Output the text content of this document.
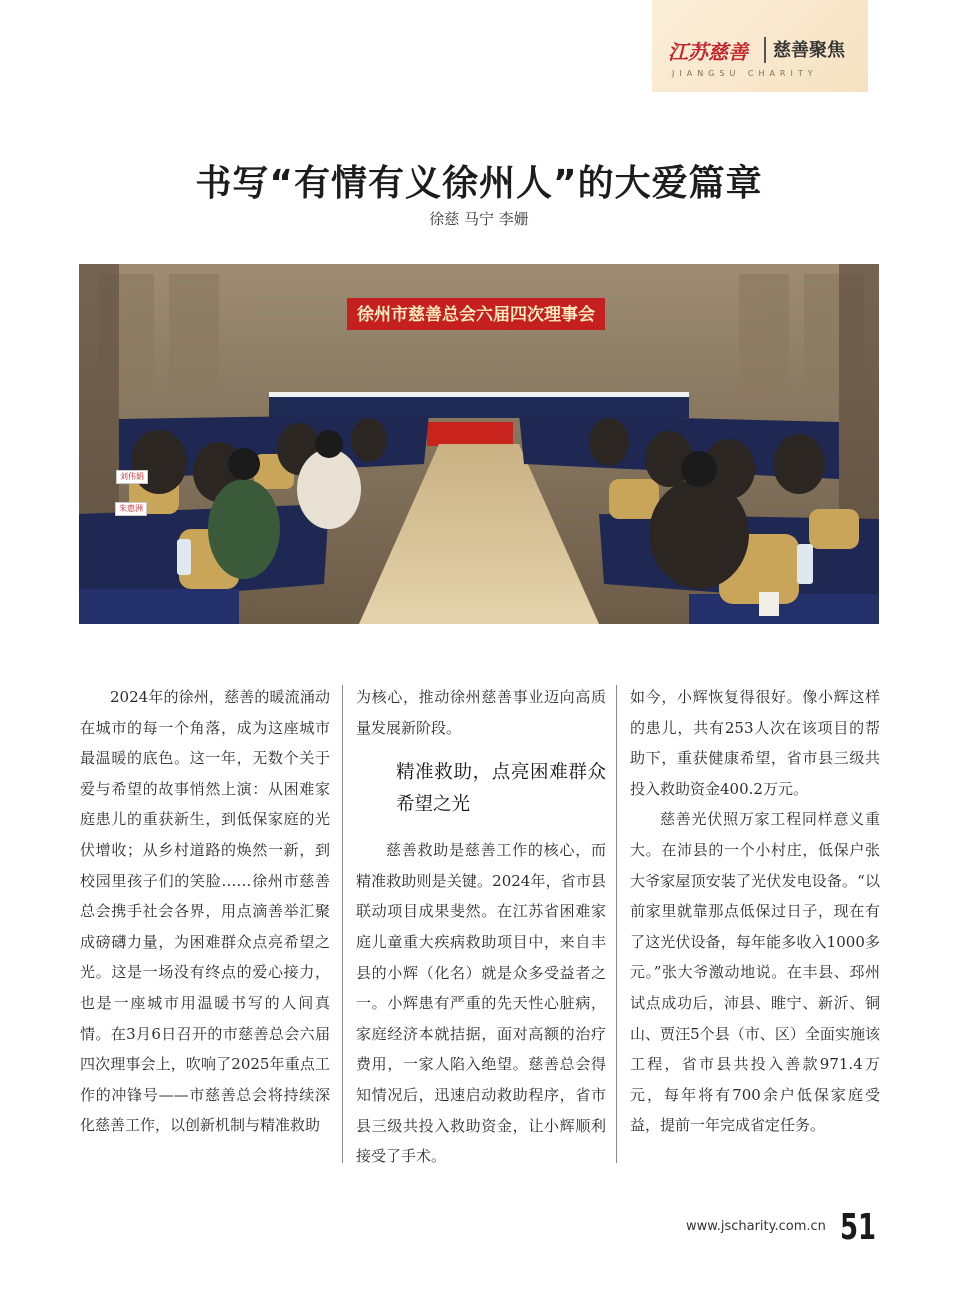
江苏慈善 慈善聚焦
JIANGSU CHARITY
书写“有情有义徐州人”的大爱篇章
徐慈 马宁 李姗
徐州市慈善总会六届四次理事会
刘伟娟
朱惠洲

2024年的徐州，慈善的暖流涌动在城市的每一个角落，成为这座城市最温暖的底色。这一年，无数个关于爱与希望的故事悄然上演：从困难家庭患儿的重获新生，到低保家庭的光伏增收；从乡村道路的焕然一新，到校园里孩子们的笑脸……徐州市慈善总会携手社会各界，用点滴善举汇聚成磅礴力量，为困难群众点亮希望之光。这是一场没有终点的爱心接力，也是一座城市用温暖书写的人间真情。在3月6日召开的市慈善总会六届四次理事会上，吹响了2025年重点工作的冲锋号——市慈善总会将持续深化慈善工作，以创新机制与精准救助

为核心，推动徐州慈善事业迈向高质量发展新阶段。

精准救助，点亮困难群众希望之光

慈善救助是慈善工作的核心，而精准救助则是关键。2024年，省市县联动项目成果斐然。在江苏省困难家庭儿童重大疾病救助项目中，来自丰县的小辉（化名）就是众多受益者之一。小辉患有严重的先天性心脏病，家庭经济本就拮据，面对高额的治疗费用，一家人陷入绝望。慈善总会得知情况后，迅速启动救助程序，省市县三级共投入救助资金，让小辉顺利接受了手术。

如今，小辉恢复得很好。像小辉这样的患儿，共有253人次在该项目的帮助下，重获健康希望，省市县三级共投入救助资金400.2万元。

慈善光伏照万家工程同样意义重大。在沛县的一个小村庄，低保户张大爷家屋顶安装了光伏发电设备。“以前家里就靠那点低保过日子，现在有了这光伏设备，每年能多收入1000多元。”张大爷激动地说。在丰县、邳州试点成功后，沛县、睢宁、新沂、铜山、贾汪5个县（市、区）全面实施该工程，省市县共投入善款971.4万元，每年将有700余户低保家庭受益，提前一年完成省定任务。

www.jscharity.com.cn 51
